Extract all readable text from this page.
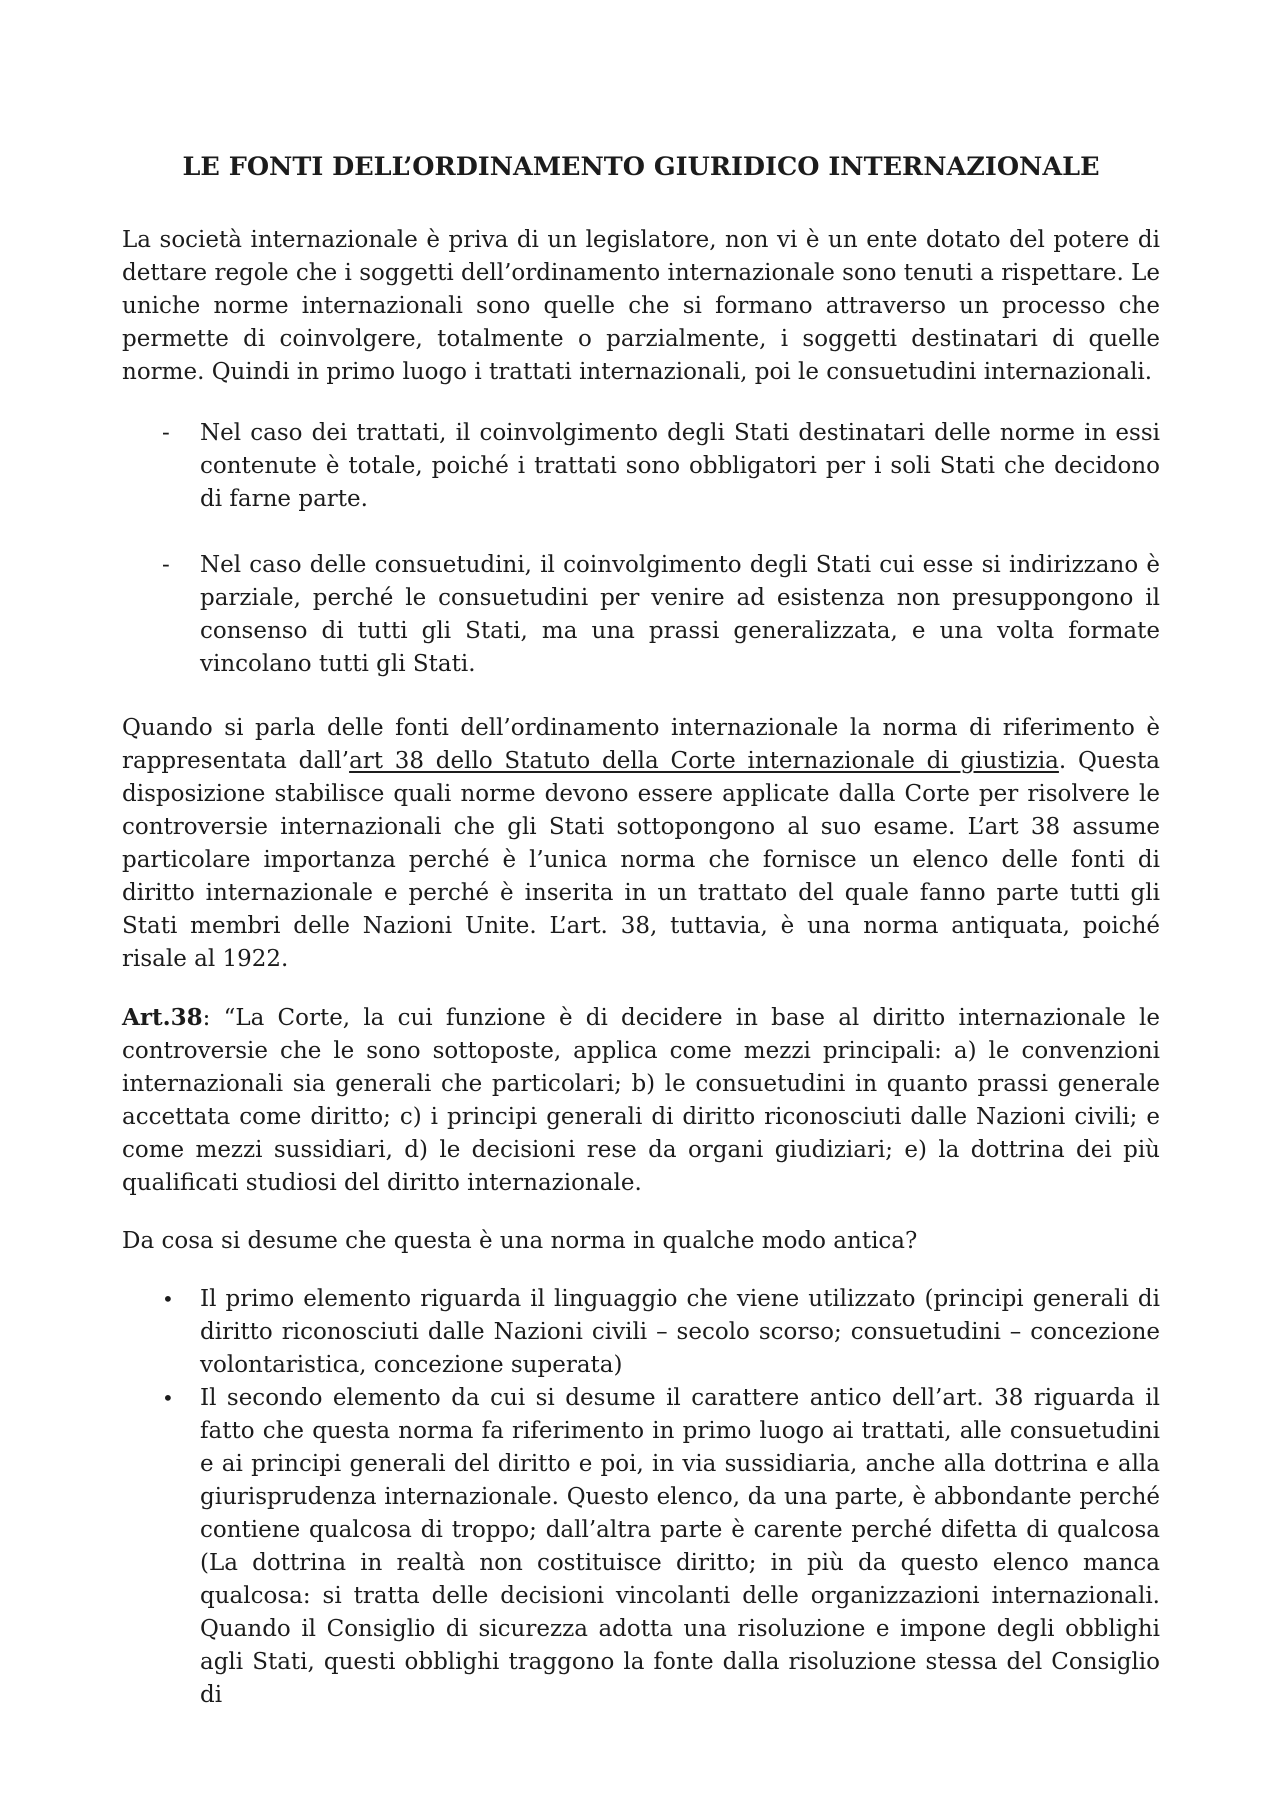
LE FONTI DELL’ORDINAMENTO GIURIDICO INTERNAZIONALE

La società internazionale è priva di un legislatore, non vi è un ente dotato del potere di dettare regole che i soggetti dell’ordinamento internazionale sono tenuti a rispettare. Le uniche norme internazionali sono quelle che si formano attraverso un processo che permette di coinvolgere, totalmente o parzialmente, i soggetti destinatari di quelle norme. Quindi in primo luogo i trattati internazionali, poi le consuetudini internazionali.

- Nel caso dei trattati, il coinvolgimento degli Stati destinatari delle norme in essi contenute è totale, poiché i trattati sono obbligatori per i soli Stati che decidono di farne parte.
- Nel caso delle consuetudini, il coinvolgimento degli Stati cui esse si indirizzano è parziale, perché le consuetudini per venire ad esistenza non presuppongono il consenso di tutti gli Stati, ma una prassi generalizzata, e una volta formate vincolano tutti gli Stati.

Quando si parla delle fonti dell’ordinamento internazionale la norma di riferimento è rappresentata dall’art 38 dello Statuto della Corte internazionale di giustizia. Questa disposizione stabilisce quali norme devono essere applicate dalla Corte per risolvere le controversie internazionali che gli Stati sottopongono al suo esame. L’art 38 assume particolare importanza perché è l’unica norma che fornisce un elenco delle fonti di diritto internazionale e perché è inserita in un trattato del quale fanno parte tutti gli Stati membri delle Nazioni Unite. L’art. 38, tuttavia, è una norma antiquata, poiché risale al 1922.

Art.38: “La Corte, la cui funzione è di decidere in base al diritto internazionale le controversie che le sono sottoposte, applica come mezzi principali: a) le convenzioni internazionali sia generali che particolari; b) le consuetudini in quanto prassi generale accettata come diritto; c) i principi generali di diritto riconosciuti dalle Nazioni civili; e come mezzi sussidiari, d) le decisioni rese da organi giudiziari; e) la dottrina dei più qualificati studiosi del diritto internazionale.

Da cosa si desume che questa è una norma in qualche modo antica?

• Il primo elemento riguarda il linguaggio che viene utilizzato (principi generali di diritto riconosciuti dalle Nazioni civili – secolo scorso; consuetudini – concezione volontaristica, concezione superata)
• Il secondo elemento da cui si desume il carattere antico dell’art. 38 riguarda il fatto che questa norma fa riferimento in primo luogo ai trattati, alle consuetudini e ai principi generali del diritto e poi, in via sussidiaria, anche alla dottrina e alla giurisprudenza internazionale. Questo elenco, da una parte, è abbondante perché contiene qualcosa di troppo; dall’altra parte è carente perché difetta di qualcosa (La dottrina in realtà non costituisce diritto; in più da questo elenco manca qualcosa: si tratta delle decisioni vincolanti delle organizzazioni internazionali. Quando il Consiglio di sicurezza adotta una risoluzione e impone degli obblighi agli Stati, questi obblighi traggono la fonte dalla risoluzione stessa del Consiglio di
